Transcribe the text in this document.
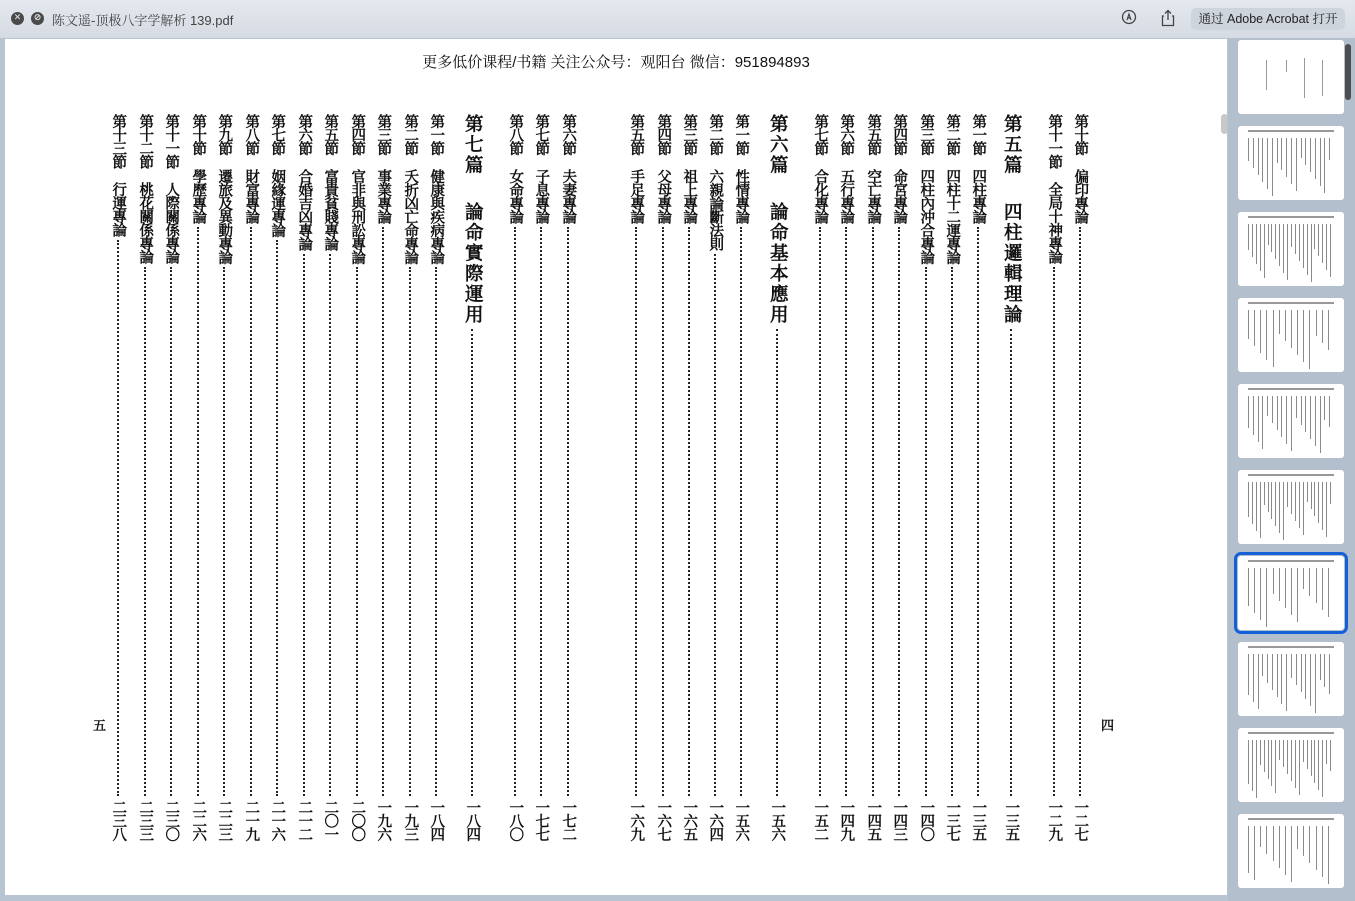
✕	⊘ 陈文遥-顶极八字学解析 139.pdf	通过 Adobe Acrobat 打开
更多低价课程/书籍 关注公众号：观阳台 微信：951894893
第十節
偏印專論
一二七
第十一節
全局十神專論
一二九
第五篇
四柱邏輯理論
一三五
第一節
四柱專論
一三五
第二節
四柱十二運專論
一三七
第三節
四柱內沖合專論
一四〇
第四節
命宮專論
一四三
第五節
空亡專論
一四五
第六節
五行專論
一四九
第七節
合化專論
一五二
第六篇
論命基本應用
一五六
第一節
性情專論
一五六
第二節
六親論斷法則
一六四
第三節
祖上專論
一六五
第四節
父母專論
一六七
第五節
手足專論
一六九
第六節
夫妻專論
一七二
第七節
子息專論
一七七
第八節
女命專論
一八〇
第七篇
論命實際運用
一八四
第一節
健康與疾病專論
一八四
第二節
夭折凶亡命專論
一九三
第三節
事業專論
一九六
第四節
官非與刑訟專論
二〇〇
第五節
富貴貧賤專論
二〇一
第六節
合婚吉凶專論
二一二
第七節
姻緣運專論
二一六
第八節
財富專論
二一九
第九節
遷旅及異動專論
二二三
第十節
學歷專論
二二六
第十一節
人際關係專論
二三〇
第十二節
桃花關係專論
二三三
第十三節
行運專論
二三八
五	四
